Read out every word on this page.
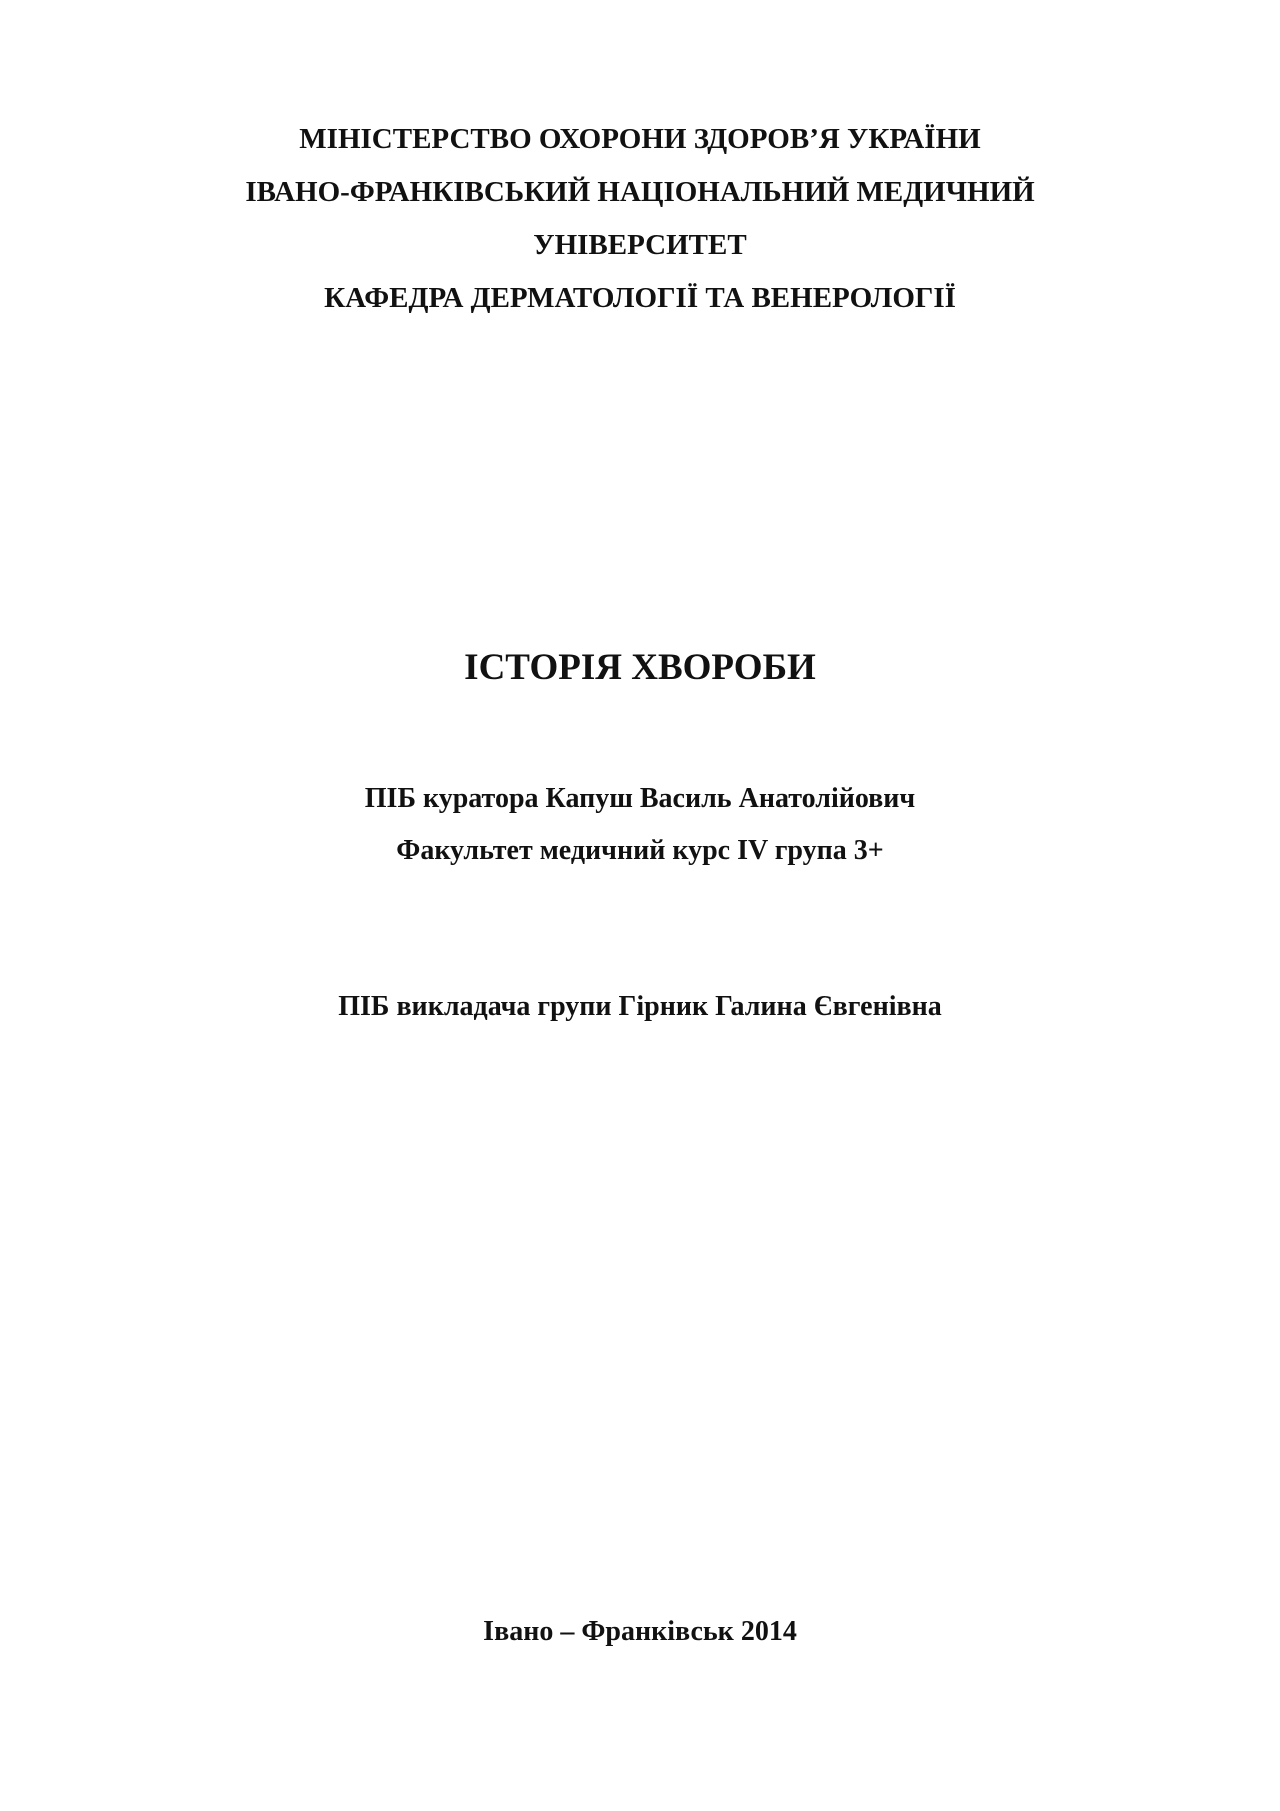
МІНІСТЕРСТВО ОХОРОНИ ЗДОРОВ’Я УКРАЇНИ
ІВАНО-ФРАНКІВСЬКИЙ НАЦІОНАЛЬНИЙ МЕДИЧНИЙ
УНІВЕРСИТЕТ
КАФЕДРА ДЕРМАТОЛОГІЇ ТА ВЕНЕРОЛОГІЇ
ІСТОРІЯ ХВОРОБИ
ПІБ куратора Капуш Василь Анатолійович
Факультет медичний курс IV група 3+
ПІБ викладача групи Гірник Галина Євгенівна
Івано – Франківськ 2014
